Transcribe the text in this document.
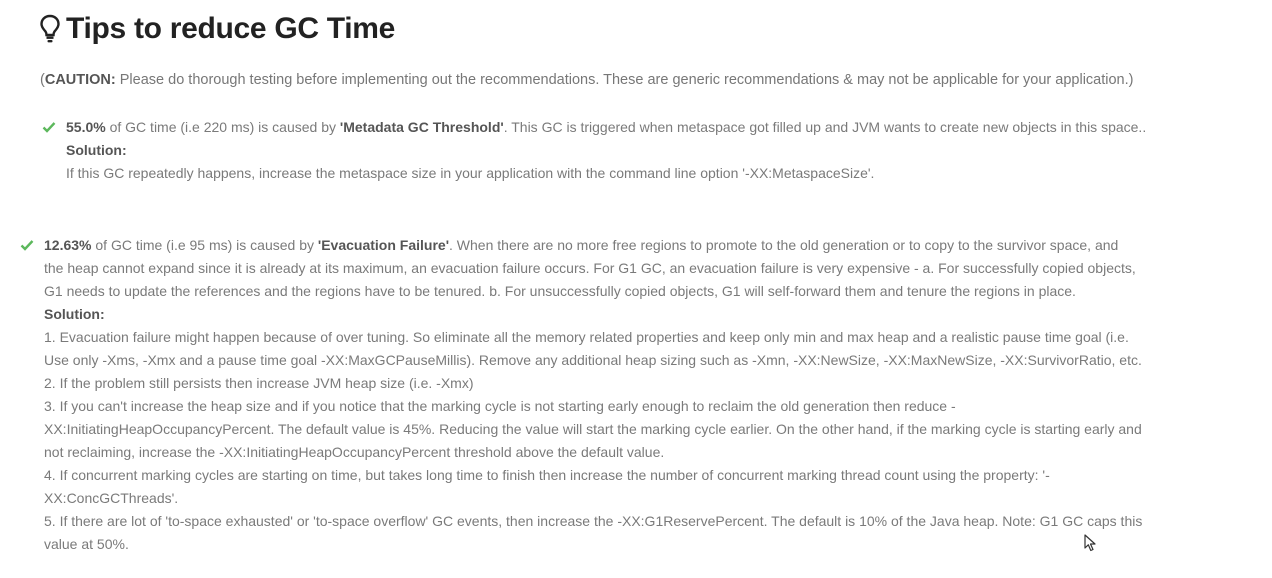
Tips to reduce GC Time
(CAUTION: Please do thorough testing before implementing out the recommendations. These are generic recommendations & may not be applicable for your application.)
55.0% of GC time (i.e 220 ms) is caused by 'Metadata GC Threshold'. This GC is triggered when metaspace got filled up and JVM wants to create new objects in this space..
Solution:
If this GC repeatedly happens, increase the metaspace size in your application with the command line option '-XX:MetaspaceSize'.
12.63% of GC time (i.e 95 ms) is caused by 'Evacuation Failure'. When there are no more free regions to promote to the old generation or to copy to the survivor space, and
the heap cannot expand since it is already at its maximum, an evacuation failure occurs. For G1 GC, an evacuation failure is very expensive - a. For successfully copied objects,
G1 needs to update the references and the regions have to be tenured. b. For unsuccessfully copied objects, G1 will self-forward them and tenure the regions in place.
Solution:
1. Evacuation failure might happen because of over tuning. So eliminate all the memory related properties and keep only min and max heap and a realistic pause time goal (i.e.
Use only -Xms, -Xmx and a pause time goal -XX:MaxGCPauseMillis). Remove any additional heap sizing such as -Xmn, -XX:NewSize, -XX:MaxNewSize, -XX:SurvivorRatio, etc.
2. If the problem still persists then increase JVM heap size (i.e. -Xmx)
3. If you can't increase the heap size and if you notice that the marking cycle is not starting early enough to reclaim the old generation then reduce -
XX:InitiatingHeapOccupancyPercent. The default value is 45%. Reducing the value will start the marking cycle earlier. On the other hand, if the marking cycle is starting early and
not reclaiming, increase the -XX:InitiatingHeapOccupancyPercent threshold above the default value.
4. If concurrent marking cycles are starting on time, but takes long time to finish then increase the number of concurrent marking thread count using the property: '-
XX:ConcGCThreads'.
5. If there are lot of 'to-space exhausted' or 'to-space overflow' GC events, then increase the -XX:G1ReservePercent. The default is 10% of the Java heap. Note: G1 GC caps this
value at 50%.
